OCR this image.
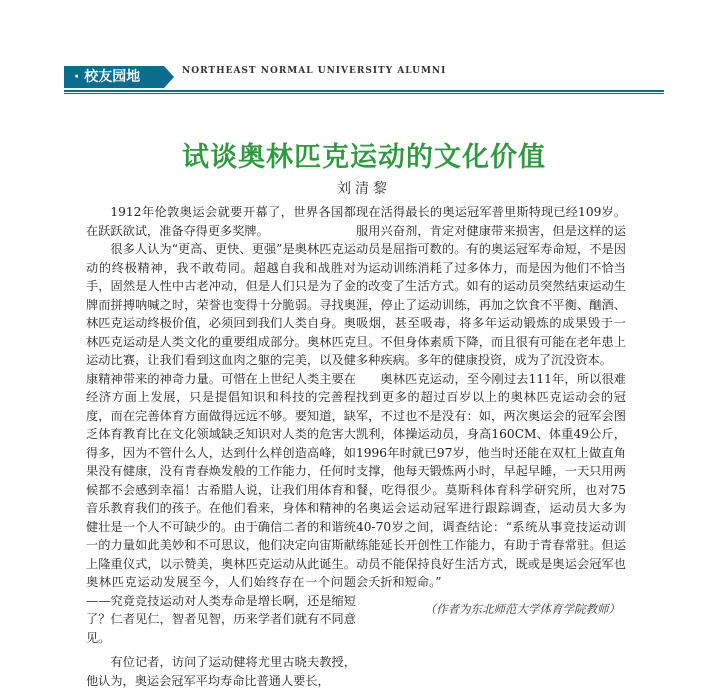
· 校友园地	NORTHEAST NORMAL UNIVERSITY ALUMNI
试谈奥林匹克运动的文化价值
刘清黎

1912年伦敦奥运会就要开幕了，世界各国都在跃跃欲试，准备夺得更多奖牌。

很多人认为“更高、更快、更强”是奥林匹克运动的终极精神，我不敢苟同。超越自我和战胜对手，固然是人性中古老冲动，但是人们只是为了金牌而拼搏呐喊之时，荣誉也变得十分脆弱。寻找奥林匹克运动终极价值，必须回到我们人类自身。奥林匹克运动是人类文化的重要组成部分。奥林匹克运动比赛，让我们看到这血肉之躯的完美，以及健康精神带来的神奇力量。可惜在上世纪人类主要在经济方面上发展，只是提倡知识和科技的完善程度，而在完善体育方面做得远远不够。要知道，缺乏体育教育比在文化领域缺乏知识对人类的危害大得多，因为不管什么人，达到什么样创造高峰，如果没有健康，没有青春焕发般的工作能力，任何时候都不会感到幸福！古希腊人说，让我们用体育和音乐教育我们的孩子。在他们看来，身体和精神的健壮是一个人不可缺少的。由于确信二者的和谐统一的力量如此美妙和不可思议，他们决定向宙斯献上隆重仪式，以示赞美，奥林匹克运动从此诞生。奥林匹克运动发展至今，人们始终存在一个问题——究竟竞技运动对人类寿命是增长啊，还是缩短了？仁者见仁，智者见智，历来学者们就有不同意见。

有位记者，访问了运动健将尤里古晓夫教授，他认为，奥运会冠军平均寿命比普通人要长，

现在活得最长的奥运冠军普里斯特现已经109岁。服用兴奋剂，肯定对健康带来损害，但是这样的运动员是屈指可数的。有的奥运冠军寿命短，不是因为运动训练消耗了过多体力，而是因为他们不恰当的改变了生活方式。如有的运动员突然结束运动生涯，停止了运动训练，再加之饮食不平衡、酗酒、吸烟，甚至吸毒，将多年运动锻炼的成果毁于一旦。不但身体素质下降，而且很有可能在老年患上多种疾病。多年的健康投资，成为了沉没资本。

奥林匹克运动，至今刚过去111年，所以很难找到更多的超过百岁以上的奥林匹克运动会的冠军，不过也不是没有：如，两次奥运会的冠军会图凯利，体操运动员，身高160CM、体重49公斤，1996年时就已97岁，他当时还能在双杠上做直角支撑，他每天锻炼两小时，早起早睡，一天只用两餐，吃得很少。莫斯科体育科学研究所，也对75名奥运会运动冠军进行跟踪调查，运动员大多为40-70岁之间，调查结论：“系统从事竞技运动训练能延长开创性工作能力，有助于青春常驻。但运动员不能保持良好生活方式，既或是奥运会冠军也会夭折和短命。”

（作者为东北师范大学体育学院教师）
